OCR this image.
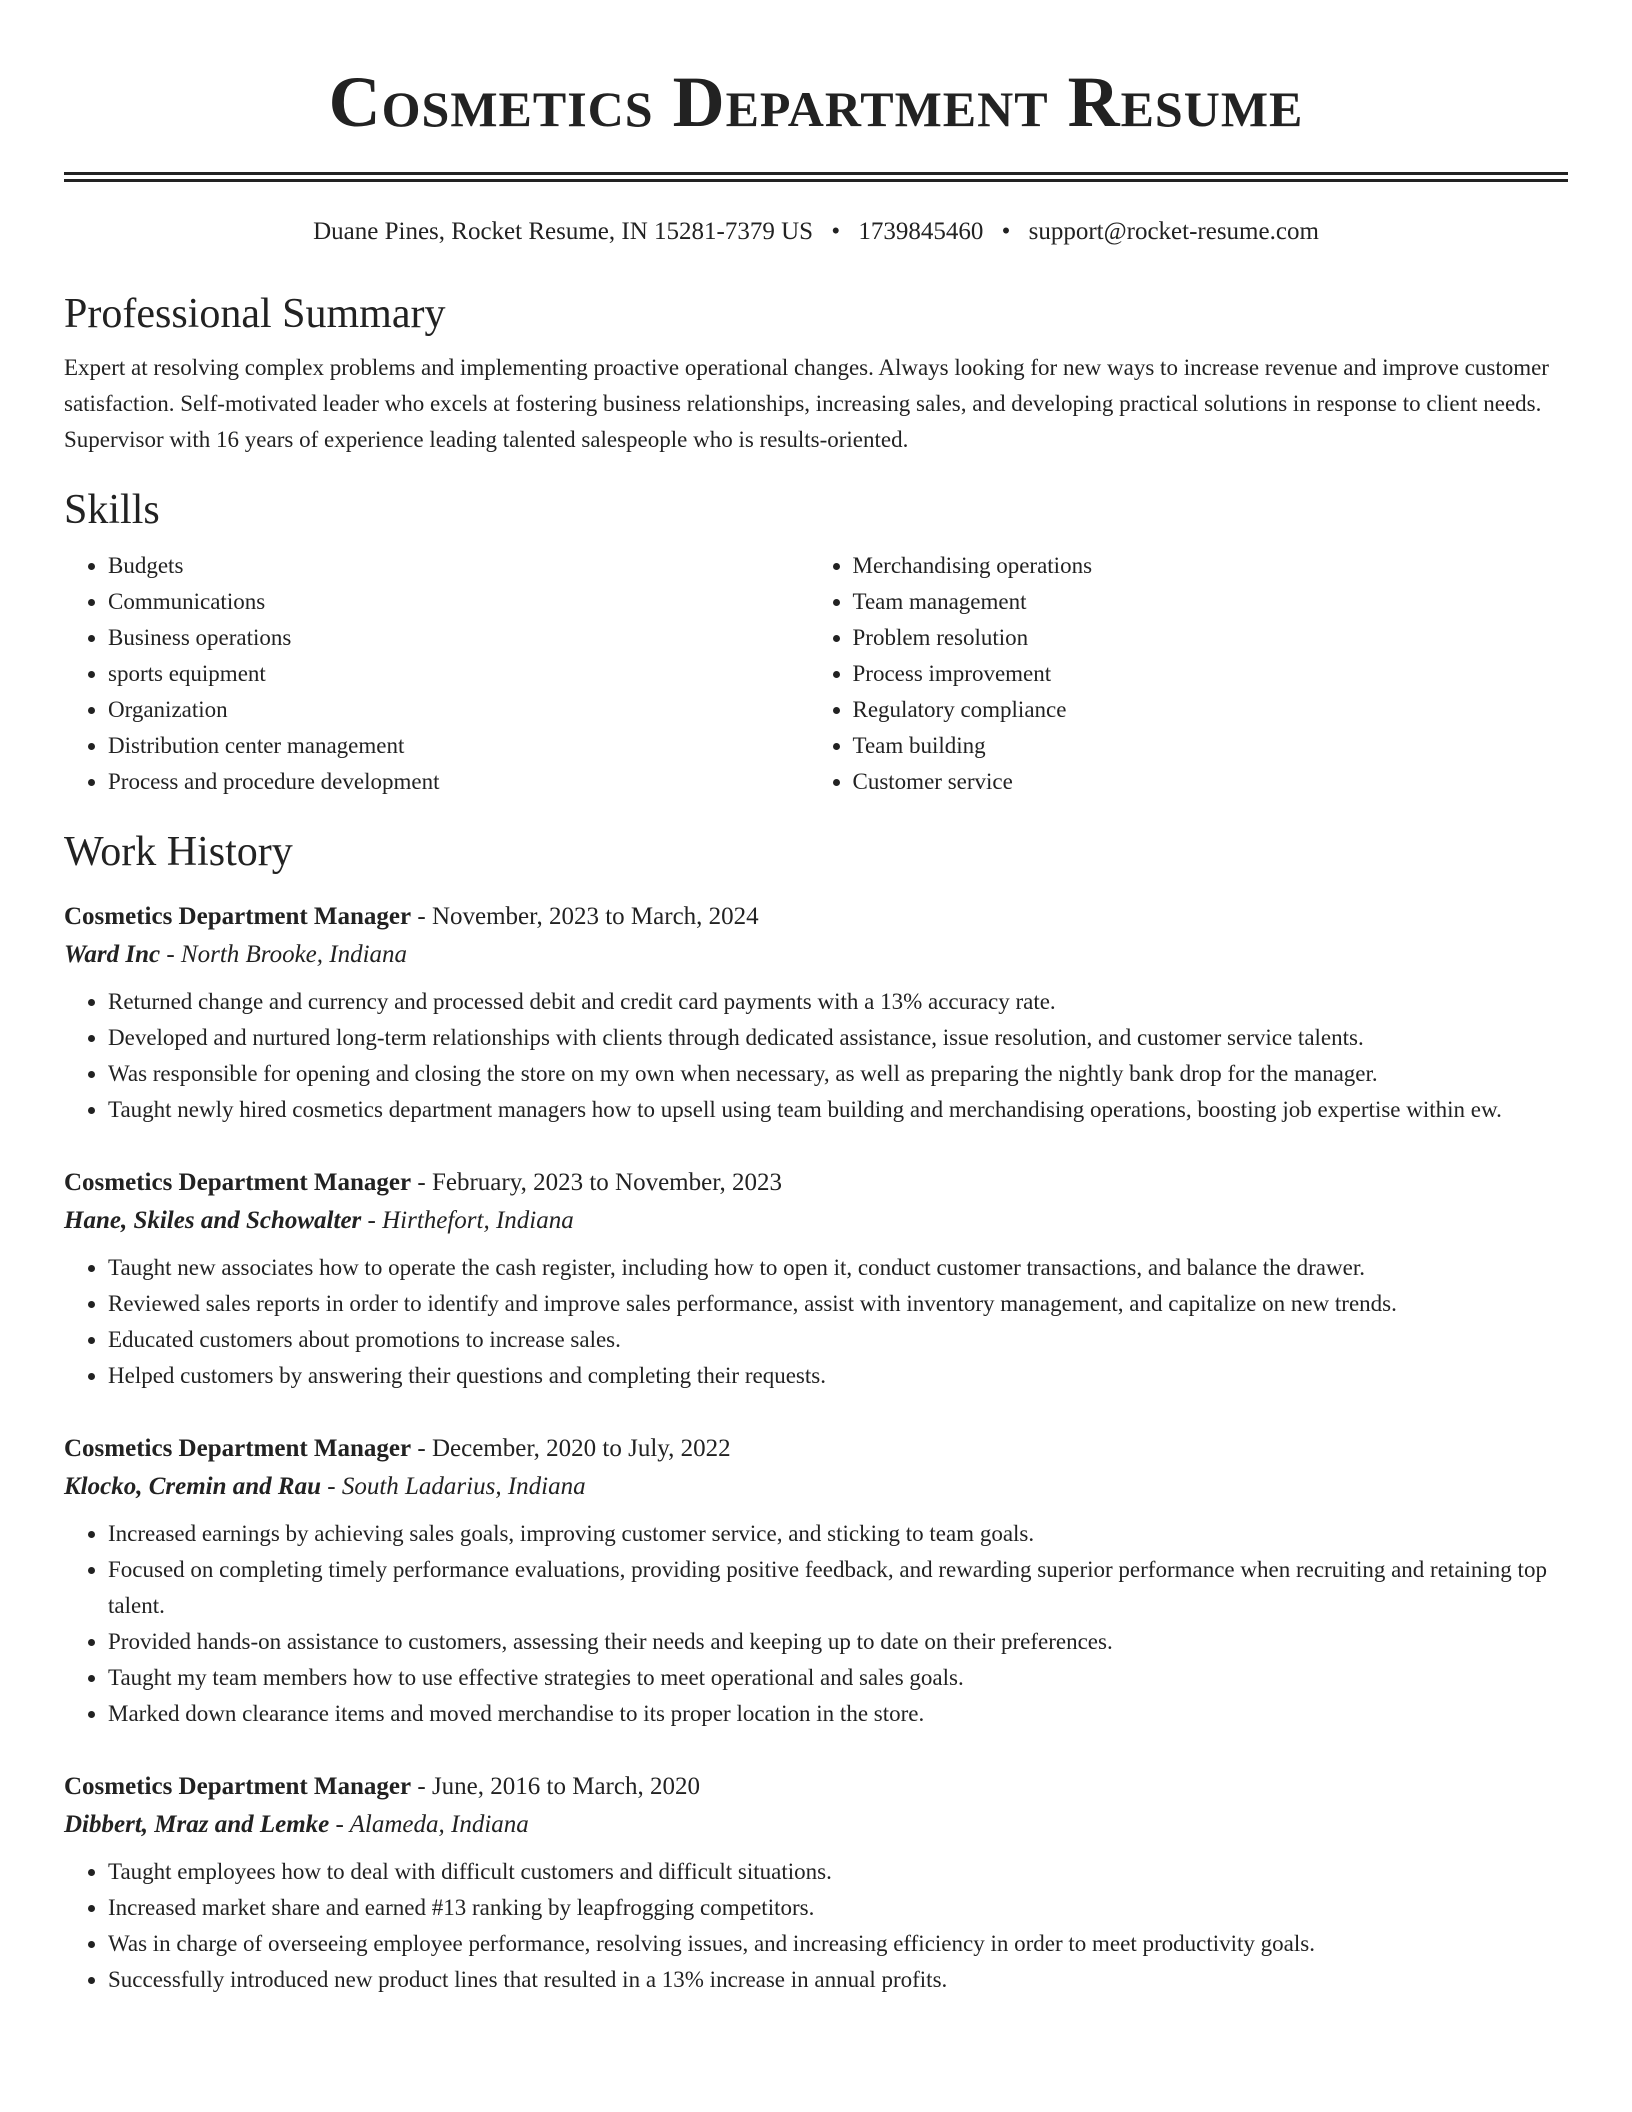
Cosmetics Department Resume
Duane Pines, Rocket Resume, IN 15281-7379 US • 1739845460 • support@rocket-resume.com
Professional Summary
Expert at resolving complex problems and implementing proactive operational changes. Always looking for new ways to increase revenue and improve customer satisfaction. Self-motivated leader who excels at fostering business relationships, increasing sales, and developing practical solutions in response to client needs. Supervisor with 16 years of experience leading talented salespeople who is results-oriented.
Skills
• Budgets
• Communications
• Business operations
• sports equipment
• Organization
• Distribution center management
• Process and procedure development
• Merchandising operations
• Team management
• Problem resolution
• Process improvement
• Regulatory compliance
• Team building
• Customer service
Work History
Cosmetics Department Manager - November, 2023 to March, 2024
Ward Inc - North Brooke, Indiana
• Returned change and currency and processed debit and credit card payments with a 13% accuracy rate.
• Developed and nurtured long-term relationships with clients through dedicated assistance, issue resolution, and customer service talents.
• Was responsible for opening and closing the store on my own when necessary, as well as preparing the nightly bank drop for the manager.
• Taught newly hired cosmetics department managers how to upsell using team building and merchandising operations, boosting job expertise within ew.
Cosmetics Department Manager - February, 2023 to November, 2023
Hane, Skiles and Schowalter - Hirthefort, Indiana
• Taught new associates how to operate the cash register, including how to open it, conduct customer transactions, and balance the drawer.
• Reviewed sales reports in order to identify and improve sales performance, assist with inventory management, and capitalize on new trends.
• Educated customers about promotions to increase sales.
• Helped customers by answering their questions and completing their requests.
Cosmetics Department Manager - December, 2020 to July, 2022
Klocko, Cremin and Rau - South Ladarius, Indiana
• Increased earnings by achieving sales goals, improving customer service, and sticking to team goals.
• Focused on completing timely performance evaluations, providing positive feedback, and rewarding superior performance when recruiting and retaining top talent.
• Provided hands-on assistance to customers, assessing their needs and keeping up to date on their preferences.
• Taught my team members how to use effective strategies to meet operational and sales goals.
• Marked down clearance items and moved merchandise to its proper location in the store.
Cosmetics Department Manager - June, 2016 to March, 2020
Dibbert, Mraz and Lemke - Alameda, Indiana
• Taught employees how to deal with difficult customers and difficult situations.
• Increased market share and earned #13 ranking by leapfrogging competitors.
• Was in charge of overseeing employee performance, resolving issues, and increasing efficiency in order to meet productivity goals.
• Successfully introduced new product lines that resulted in a 13% increase in annual profits.
